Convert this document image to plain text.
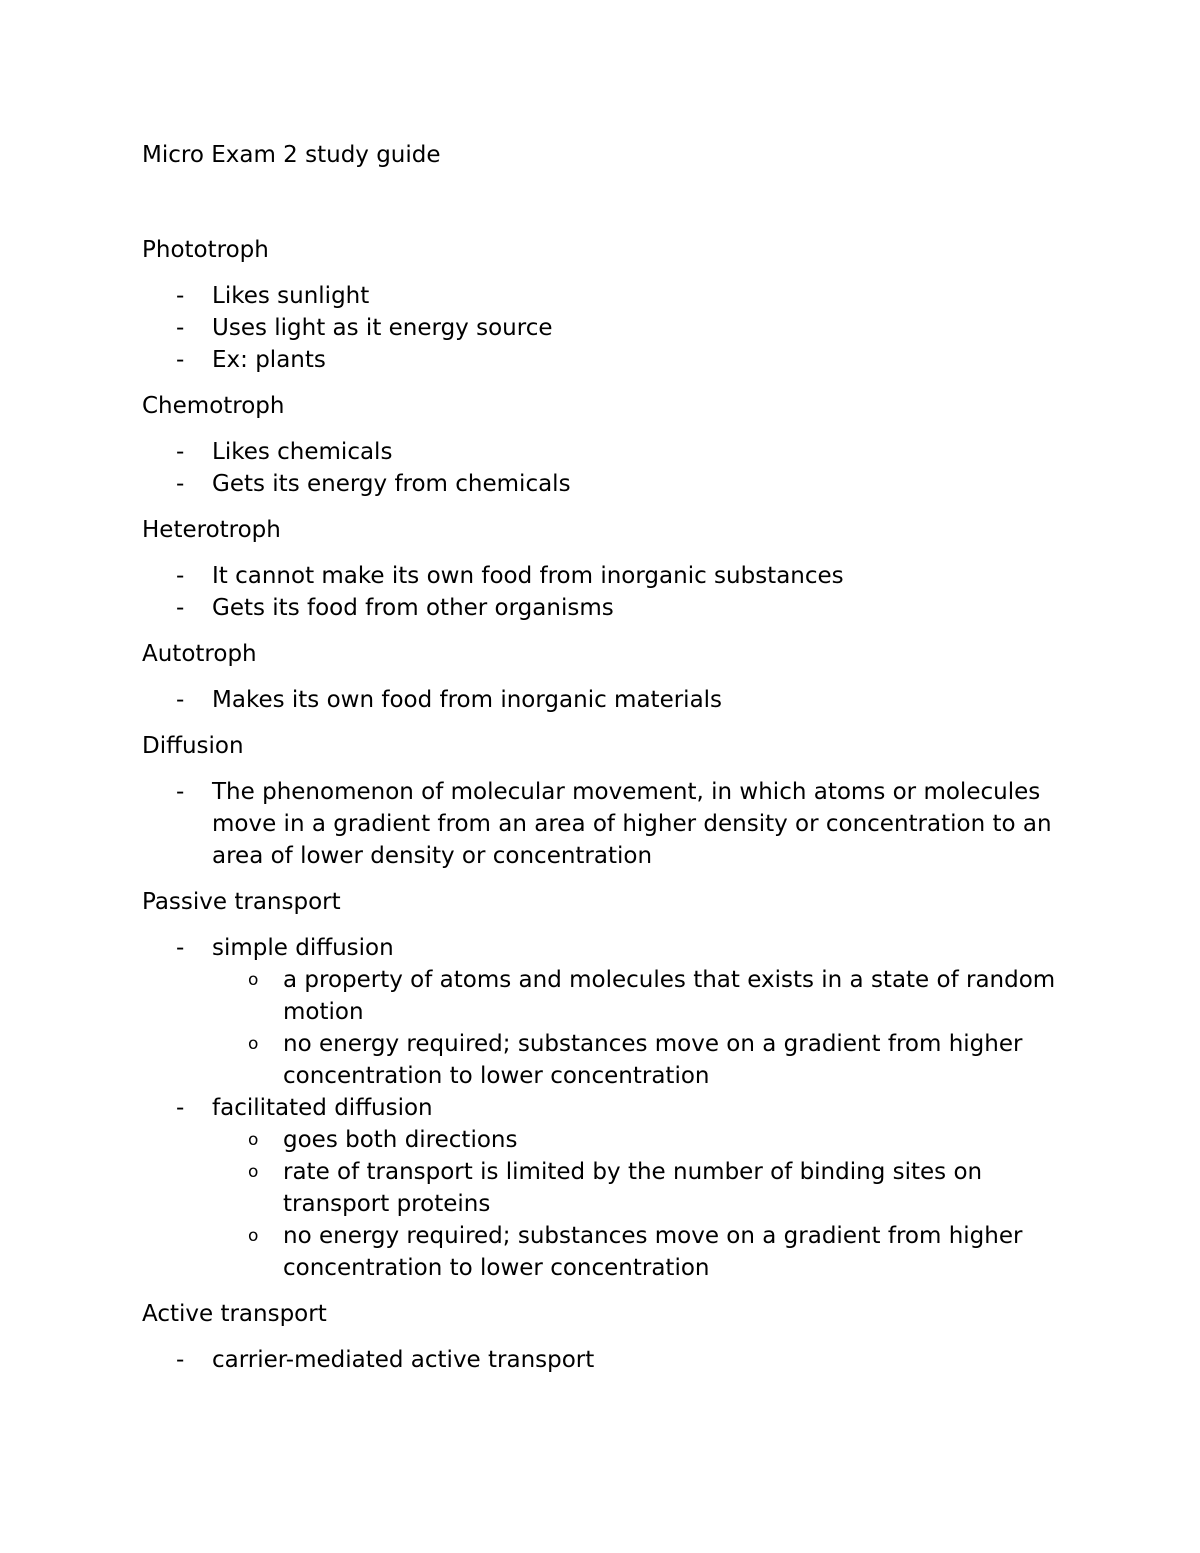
Micro Exam 2 study guide

Phototroph

-	Likes sunlight
-	Uses light as it energy source
-	Ex: plants

Chemotroph

-	Likes chemicals
-	Gets its energy from chemicals

Heterotroph

-	It cannot make its own food from inorganic substances
-	Gets its food from other organisms

Autotroph

-	Makes its own food from inorganic materials

Diffusion

-	The phenomenon of molecular movement, in which atoms or molecules move in a gradient from an area of higher density or concentration to an area of lower density or concentration

Passive transport

-	simple diffusion
o a property of atoms and molecules that exists in a state of random motion
o no energy required; substances move on a gradient from higher concentration to lower concentration
-	facilitated diffusion
o goes both directions
o rate of transport is limited by the number of binding sites on transport proteins
o no energy required; substances move on a gradient from higher concentration to lower concentration

Active transport

-	carrier-mediated active transport
